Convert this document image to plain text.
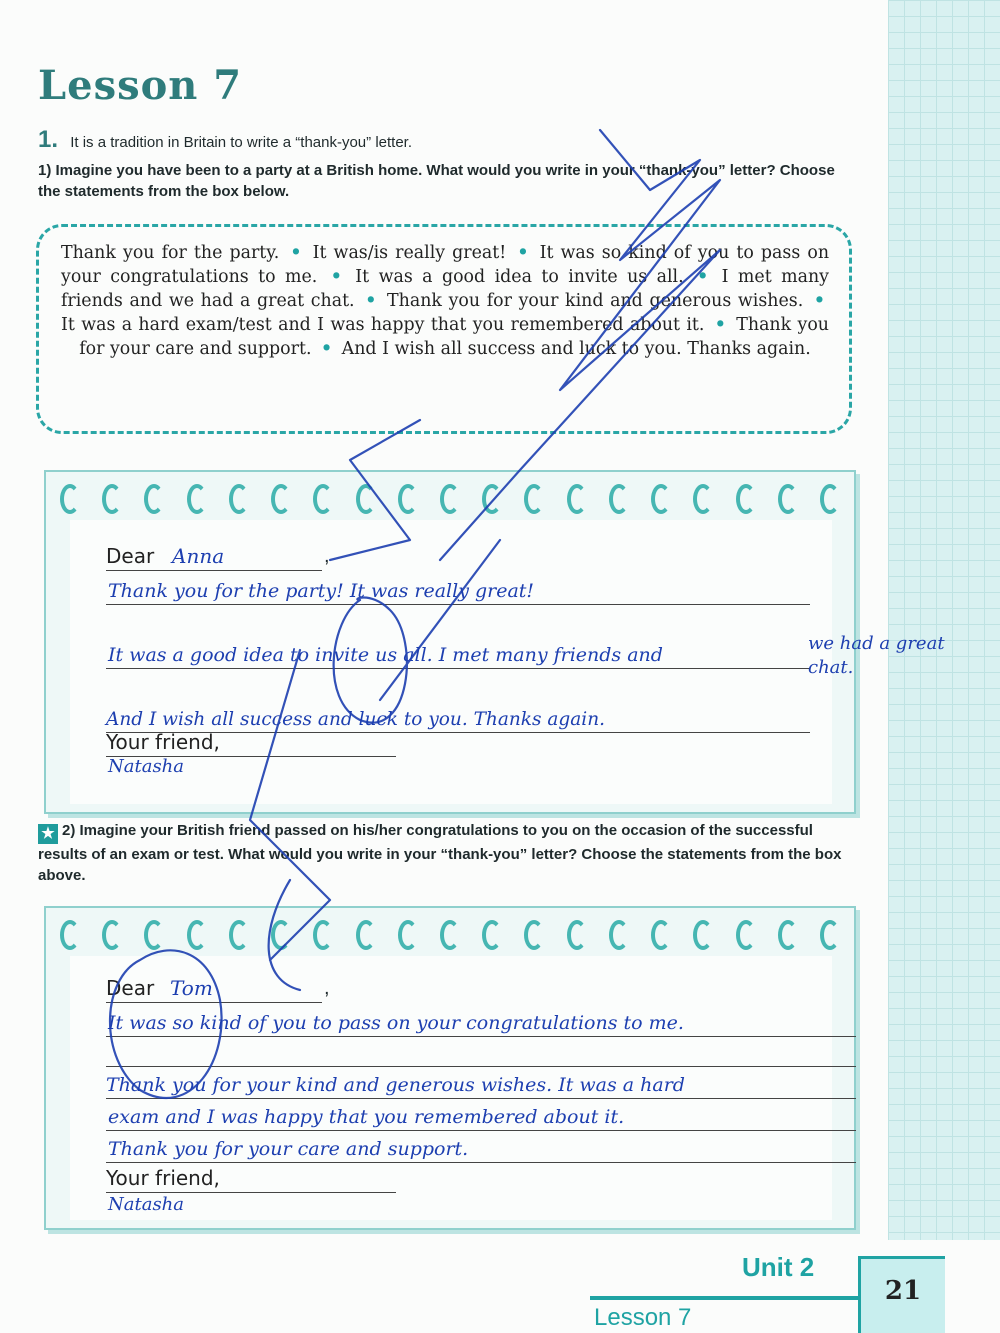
Lesson 7
1. It is a tradition in Britain to write a “thank-you” letter.
1) Imagine you have been to a party at a British home. What would you write in your “thank-you” letter? Choose the statements from the box below.
Thank you for the party. • It was/is really great! • It was so kind of you to pass on your congratulations to me. • It was a good idea to invite us all. • I met many friends and we had a great chat. • Thank you for your kind and generous wishes. • It was a hard exam/test and I was happy that you remembered about it. • Thank you for your care and support. • And I wish all success and luck to you. Thanks again.
Dear Anna	,
Thank you for the party! It was really great!
It was a good idea to invite us all. I met many friends and
And I wish all success and luck to you. Thanks again.
Your friend,
Natasha
we had a great chat.
★ 2) Imagine your British friend passed on his/her congratulations to you on the occasion of the successful results of an exam or test. What would you write in your “thank-you” letter? Choose the statements from the box above.
Dear Tom	,
It was so kind of you to pass on your congratulations to me.
Thank you for your kind and generous wishes. It was a hard
exam and I was happy that you remembered about it.
Thank you for your care and support.
Your friend,
Natasha
Unit 2
Lesson 7
21
